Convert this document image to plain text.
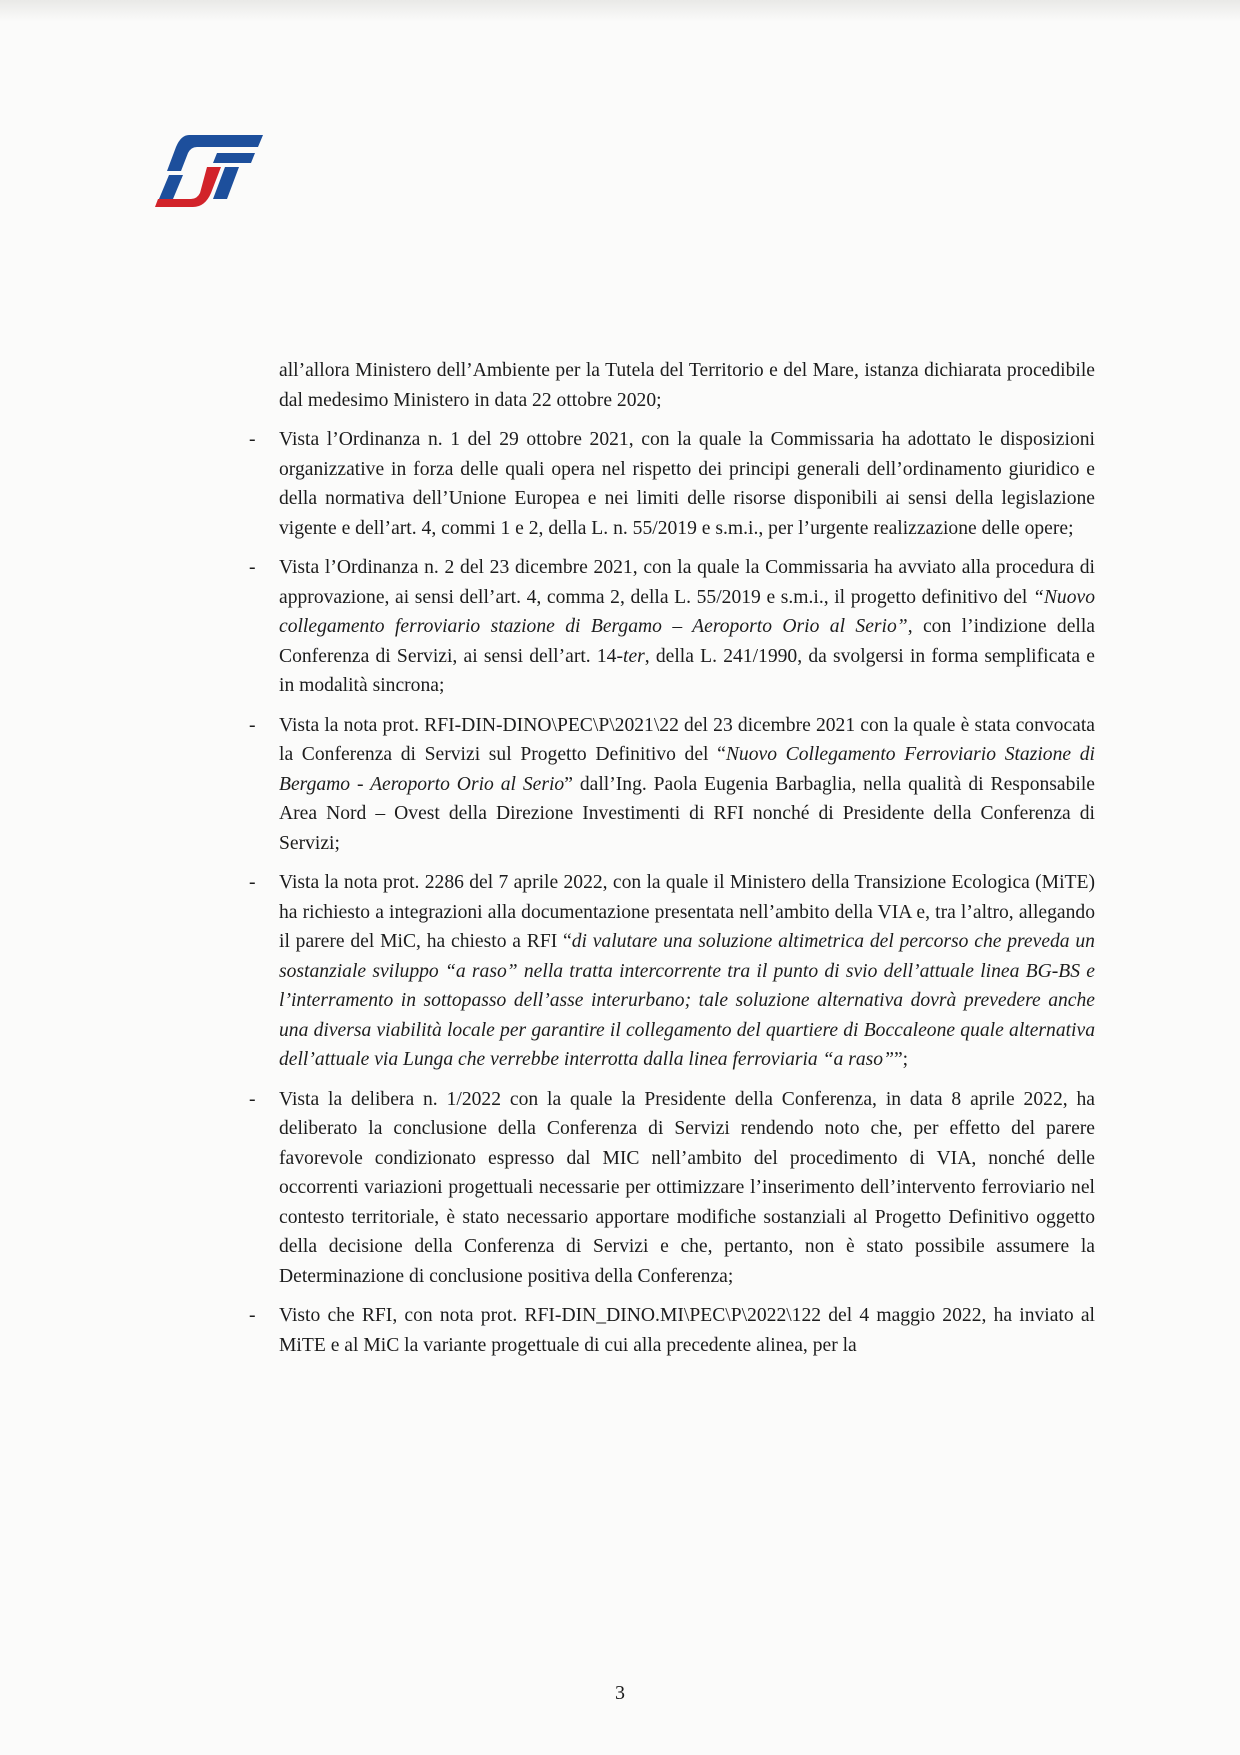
all’allora Ministero dell’Ambiente per la Tutela del Territorio e del Mare, istanza dichiarata procedibile dal medesimo Ministero in data 22 ottobre 2020;
- Vista l’Ordinanza n. 1 del 29 ottobre 2021, con la quale la Commissaria ha adottato le disposizioni organizzative in forza delle quali opera nel rispetto dei principi generali dell’ordinamento giuridico e della normativa dell’Unione Europea e nei limiti delle risorse disponibili ai sensi della legislazione vigente e dell’art. 4, commi 1 e 2, della L. n. 55/2019 e s.m.i., per l’urgente realizzazione delle opere;
- Vista l’Ordinanza n. 2 del 23 dicembre 2021, con la quale la Commissaria ha avviato alla procedura di approvazione, ai sensi dell’art. 4, comma 2, della L. 55/2019 e s.m.i., il progetto definitivo del “Nuovo collegamento ferroviario stazione di Bergamo – Aeroporto Orio al Serio”, con l’indizione della Conferenza di Servizi, ai sensi dell’art. 14-ter, della L. 241/1990, da svolgersi in forma semplificata e in modalità sincrona;
- Vista la nota prot. RFI-DIN-DINO\PEC\P\2021\22 del 23 dicembre 2021 con la quale è stata convocata la Conferenza di Servizi sul Progetto Definitivo del “Nuovo Collegamento Ferroviario Stazione di Bergamo - Aeroporto Orio al Serio” dall’Ing. Paola Eugenia Barbaglia, nella qualità di Responsabile Area Nord – Ovest della Direzione Investimenti di RFI nonché di Presidente della Conferenza di Servizi;
- Vista la nota prot. 2286 del 7 aprile 2022, con la quale il Ministero della Transizione Ecologica (MiTE) ha richiesto a integrazioni alla documentazione presentata nell’ambito della VIA e, tra l’altro, allegando il parere del MiC, ha chiesto a RFI “di valutare una soluzione altimetrica del percorso che preveda un sostanziale sviluppo “a raso” nella tratta intercorrente tra il punto di svio dell’attuale linea BG-BS e l’interramento in sottopasso dell’asse interurbano; tale soluzione alternativa dovrà prevedere anche una diversa viabilità locale per garantire il collegamento del quartiere di Boccaleone quale alternativa dell’attuale via Lunga che verrebbe interrotta dalla linea ferroviaria “a raso””;
- Vista la delibera n. 1/2022 con la quale la Presidente della Conferenza, in data 8 aprile 2022, ha deliberato la conclusione della Conferenza di Servizi rendendo noto che, per effetto del parere favorevole condizionato espresso dal MIC nell’ambito del procedimento di VIA, nonché delle occorrenti variazioni progettuali necessarie per ottimizzare l’inserimento dell’intervento ferroviario nel contesto territoriale, è stato necessario apportare modifiche sostanziali al Progetto Definitivo oggetto della decisione della Conferenza di Servizi e che, pertanto, non è stato possibile assumere la Determinazione di conclusione positiva della Conferenza;
- Visto che RFI, con nota prot. RFI-DIN_DINO.MI\PEC\P\2022\122 del 4 maggio 2022, ha inviato al MiTE e al MiC la variante progettuale di cui alla precedente alinea, per la
3
